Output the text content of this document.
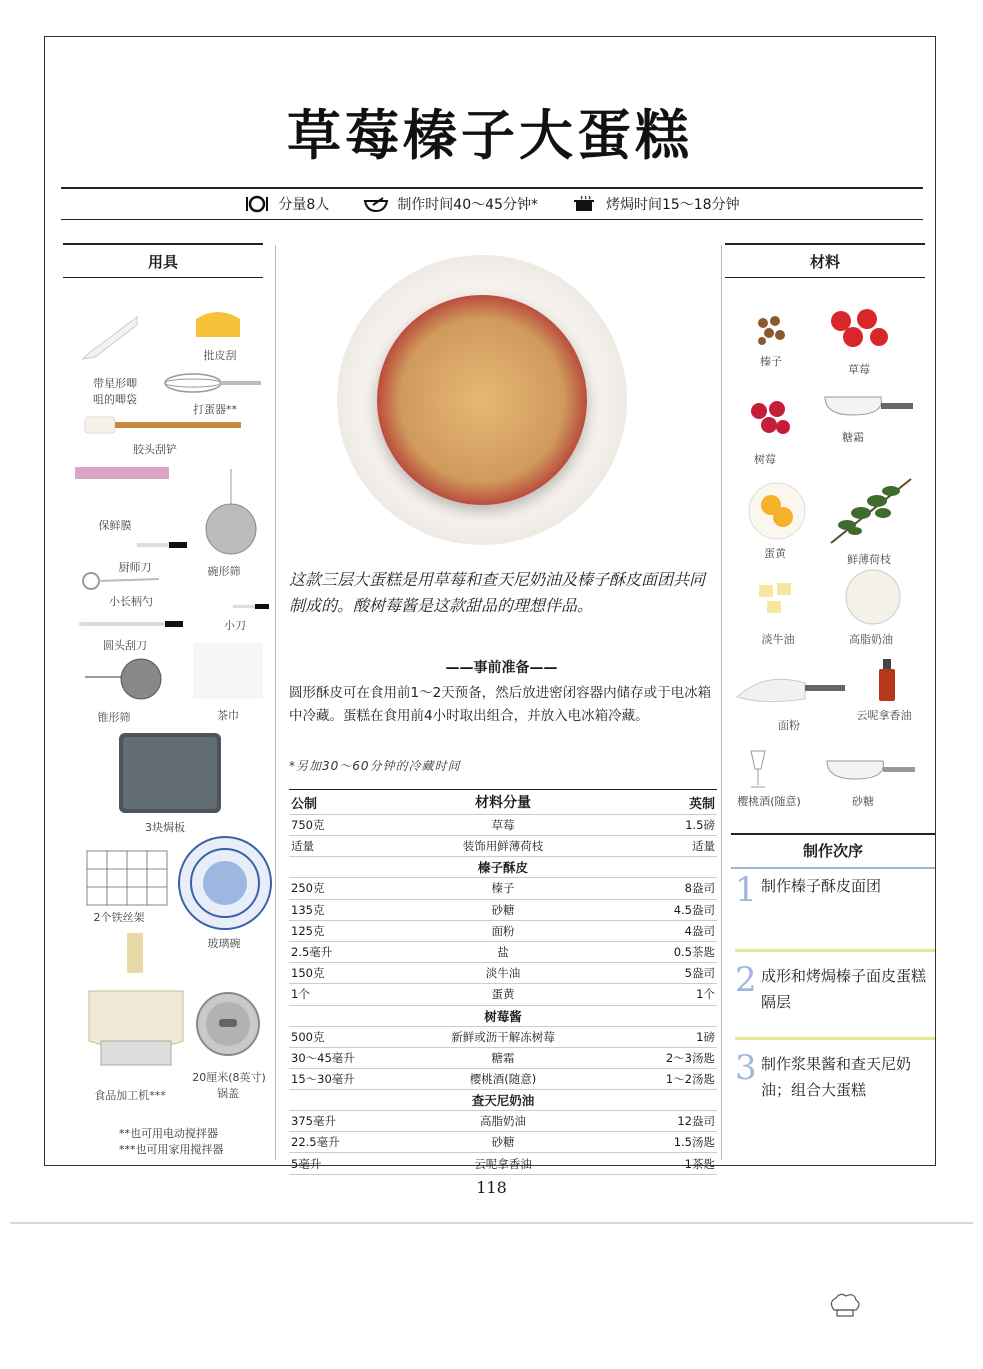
草莓榛子大蛋糕
分量8人	制作时间40～45分钟*	烤焗时间15～18分钟
用具
批皮刮
带星形唧
咀的唧袋
打蛋器**
胶头刮铲
保鲜膜
厨师刀	碗形筛
小长柄勺
小刀
圆头刮刀
锥形筛	茶巾
3块焗板
2个铁丝架
玻璃碗
食品加工机***
20厘米(8英寸)
锅盖
**也可用电动搅拌器
***也可用家用搅拌器
这款三层大蛋糕是用草莓和查天尼奶油及榛子酥皮面团共同制成的。酸树莓酱是这款甜品的理想伴品。
——事前准备——
圆形酥皮可在食用前1～2天预备，然后放进密闭容器内储存或于电冰箱中冷藏。蛋糕在食用前4小时取出组合，并放入电冰箱冷藏。
*另加30～60分钟的冷藏时间
公制	材料分量	英制
750克	草莓	1.5磅
适量	装饰用鲜薄荷枝	适量
榛子酥皮
250克	榛子	8盎司
135克	砂糖	4.5盎司
125克	面粉	4盎司
2.5毫升	盐	0.5茶匙
150克	淡牛油	5盎司
1个	蛋黄	1个
树莓酱
500克	新鲜或沥干解冻树莓	1磅
30～45毫升	糖霜	2～3汤匙
15～30毫升	樱桃酒(随意)	1～2汤匙
查天尼奶油
375毫升	高脂奶油	12盎司
22.5毫升	砂糖	1.5汤匙
5毫升	云呢拿香油	1茶匙
材料
榛子
草莓
树莓
糖霜
蛋黄	鲜薄荷枝
淡牛油	高脂奶油
面粉
云呢拿香油
樱桃酒(随意)	砂糖
制作次序
1 制作榛子酥皮面团
2 成形和烤焗榛子面皮蛋糕隔层
3 制作浆果酱和查天尼奶油；组合大蛋糕
118
